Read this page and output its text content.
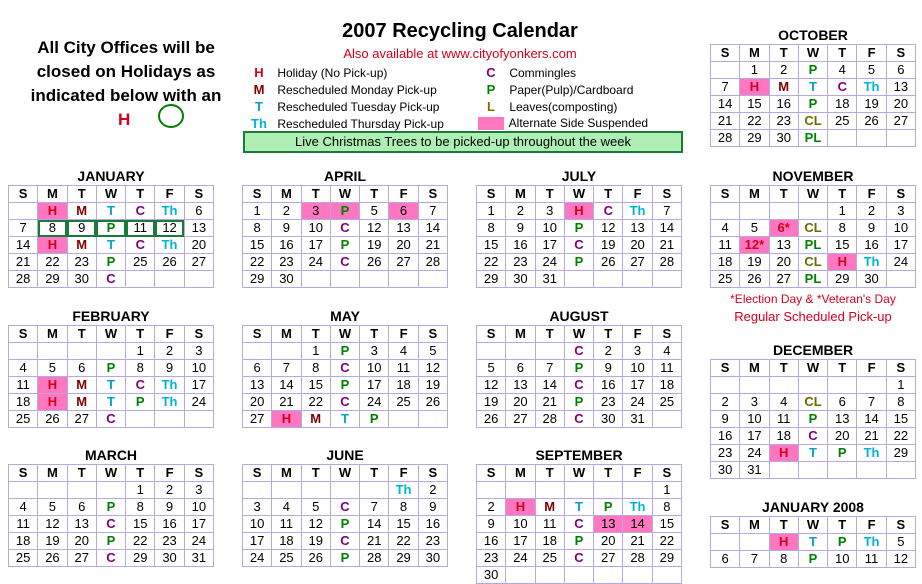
All City Offices will be closed on Holidays as indicated below with an
H
2007 Recycling Calendar
Also available at www.cityofyonkers.com
H Holiday (No Pick-up)
M Rescheduled Monday Pick-up
T Rescheduled Tuesday Pick-up
Th Rescheduled Thursday Pick-up
C Commingles
P Paper(Pulp)/Cardboard
L Leaves(composting)
Alternate Side Suspended
Live Christmas Trees to be picked-up throughout the week
JANUARY
S	M	T	W	T	F	S
	H	M	T	C	Th	6
7	8	9	P	11	12	13
14	H	M	T	C	Th	20
21	22	23	P	25	26	27
28	29	30	C			
FEBRUARY
S	M	T	W	T	F	S
				1	2	3
4	5	6	P	8	9	10
11	H	M	T	C	Th	17
18	H	M	T	P	Th	24
25	26	27	C			
MARCH
S	M	T	W	T	F	S
				1	2	3
4	5	6	P	8	9	10
11	12	13	C	15	16	17
18	19	20	P	22	23	24
25	26	27	C	29	30	31
APRIL
S	M	T	W	T	F	S
1	2	3	P	5	6	7
8	9	10	C	12	13	14
15	16	17	P	19	20	21
22	23	24	C	26	27	28
29	30					
MAY
S	M	T	W	T	F	S
		1	P	3	4	5
6	7	8	C	10	11	12
13	14	15	P	17	18	19
20	21	22	C	24	25	26
27	H	M	T	P		
JUNE
S	M	T	W	T	F	S
					Th	2
3	4	5	C	7	8	9
10	11	12	P	14	15	16
17	18	19	C	21	22	23
24	25	26	P	28	29	30
JULY
S	M	T	W	T	F	S
1	2	3	H	C	Th	7
8	9	10	P	12	13	14
15	16	17	C	19	20	21
22	23	24	P	26	27	28
29	30	31				
AUGUST
S	M	T	W	T	F	S
			C	2	3	4
5	6	7	P	9	10	11
12	13	14	C	16	17	18
19	20	21	P	23	24	25
26	27	28	C	30	31	
SEPTEMBER
S	M	T	W	T	F	S
						1
2	H	M	T	P	Th	8
9	10	11	C	13	14	15
16	17	18	P	20	21	22
23	24	25	C	27	28	29
30						
OCTOBER
S	M	T	W	T	F	S
	1	2	P	4	5	6
7	H	M	T	C	Th	13
14	15	16	P	18	19	20
21	22	23	CL	25	26	27
28	29	30	PL			
NOVEMBER
S	M	T	W	T	F	S
				1	2	3
4	5	6*	CL	8	9	10
11	12*	13	PL	15	16	17
18	19	20	CL	H	Th	24
25	26	27	PL	29	30	
DECEMBER
S	M	T	W	T	F	S
						1
2	3	4	CL	6	7	8
9	10	11	P	13	14	15
16	17	18	C	20	21	22
23	24	H	T	P	Th	29
30	31					
JANUARY 2008
S	M	T	W	T	F	S
		H	T	P	Th	5
6	7	8	P	10	11	12
*Election Day & *Veteran's Day
Regular Scheduled Pick-up
